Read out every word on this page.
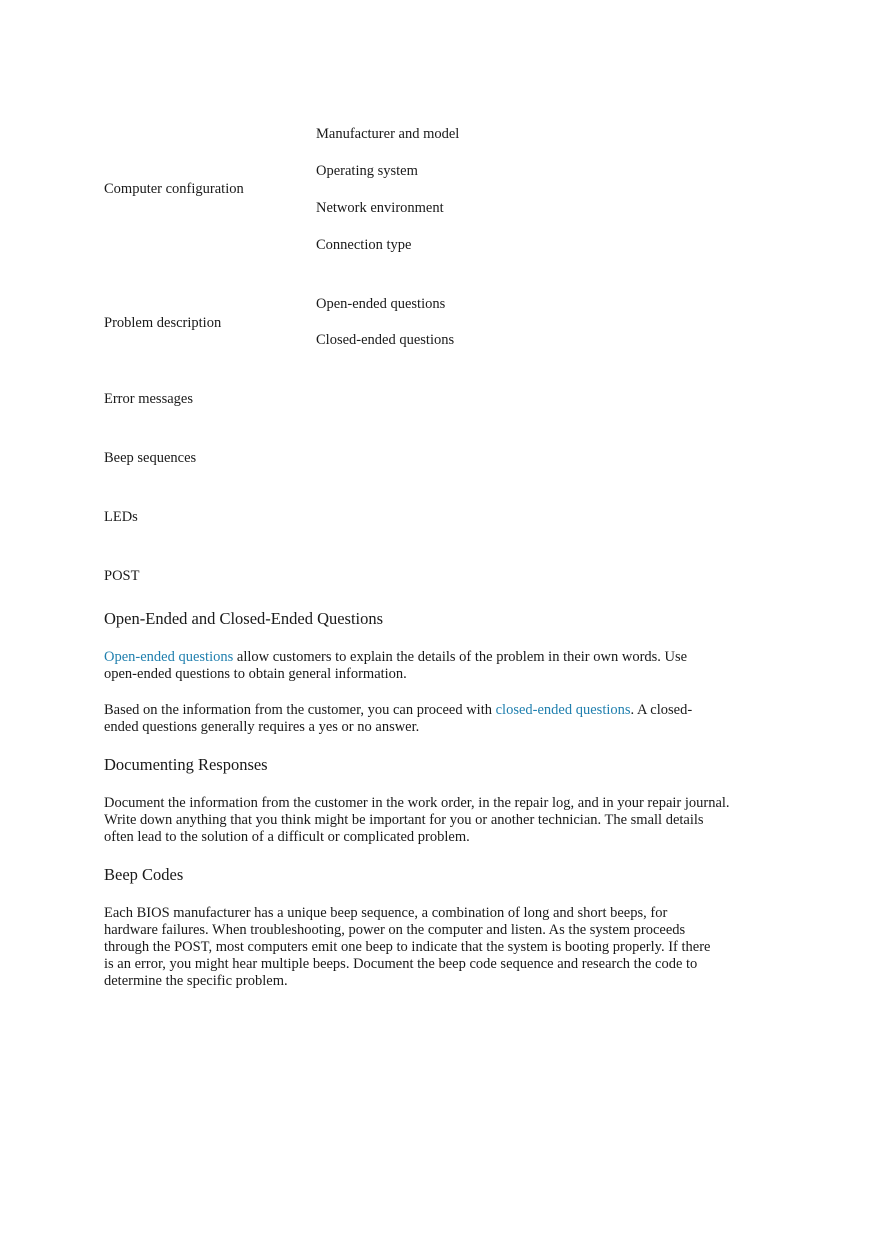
Computer configuration
Manufacturer and model
Operating system
Network environment
Connection type
Problem description
Open-ended questions
Closed-ended questions
Error messages
Beep sequences
LEDs
POST
Open-Ended and Closed-Ended Questions
Open-ended questions allow customers to explain the details of the problem in their own words. Use
open-ended questions to obtain general information.
Based on the information from the customer, you can proceed with closed-ended questions. A closed-
ended questions generally requires a yes or no answer.
Documenting Responses
Document the information from the customer in the work order, in the repair log, and in your repair journal.
Write down anything that you think might be important for you or another technician. The small details
often lead to the solution of a difficult or complicated problem.
Beep Codes
Each BIOS manufacturer has a unique beep sequence, a combination of long and short beeps, for
hardware failures. When troubleshooting, power on the computer and listen. As the system proceeds
through the POST, most computers emit one beep to indicate that the system is booting properly. If there
is an error, you might hear multiple beeps. Document the beep code sequence and research the code to
determine the specific problem.
